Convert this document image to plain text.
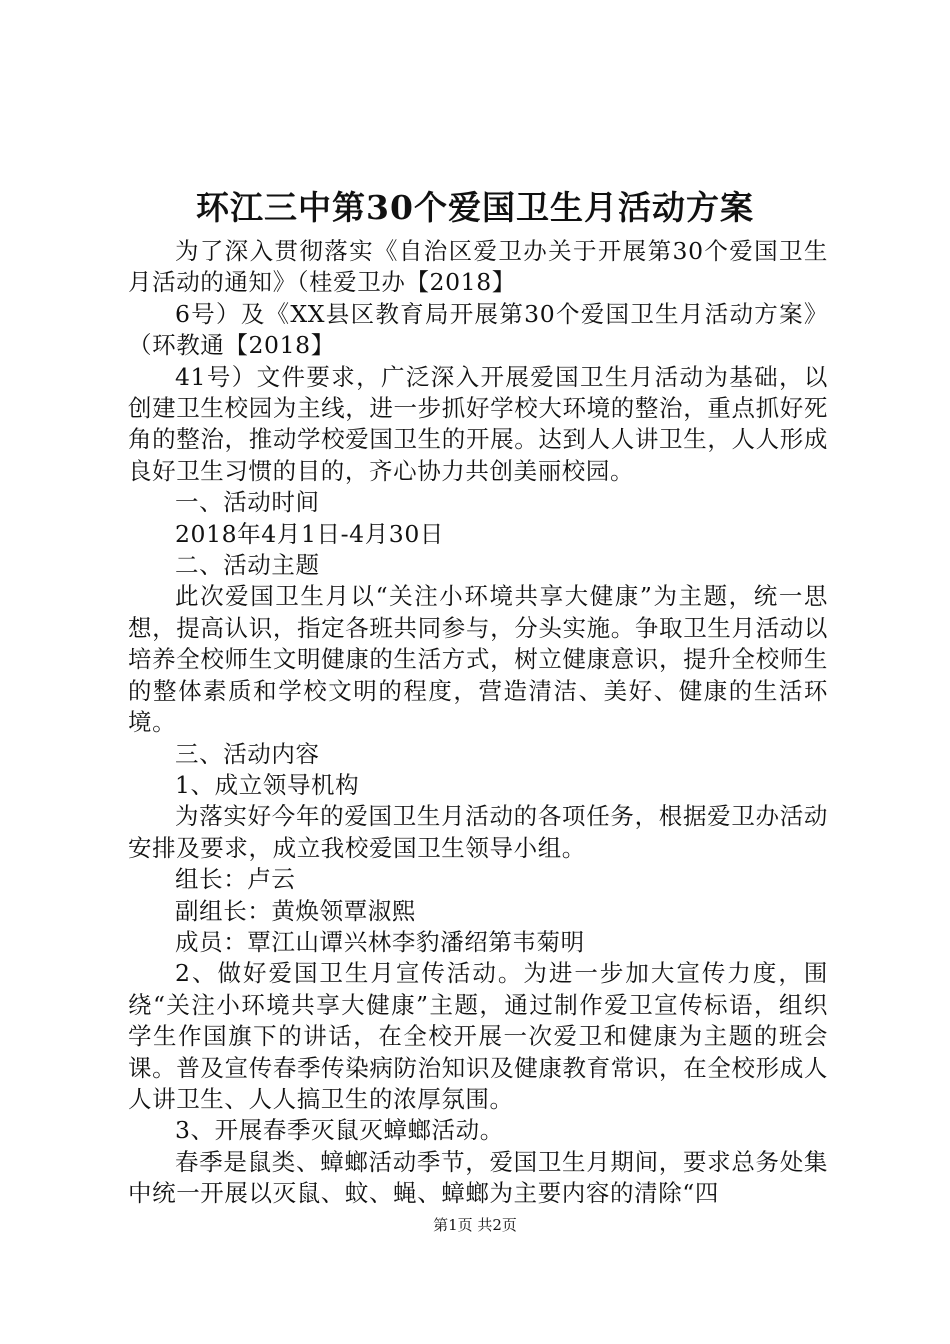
环江三中第30个爱国卫生月活动方案

为了深入贯彻落实《自治区爱卫办关于开展第30个爱国卫生月活动的通知》（桂爱卫办【2018】

6号）及《XX县区教育局开展第30个爱国卫生月活动方案》（环教通【2018】

41号）文件要求，广泛深入开展爱国卫生月活动为基础，以创建卫生校园为主线，进一步抓好学校大环境的整治，重点抓好死角的整治，推动学校爱国卫生的开展。达到人人讲卫生，人人形成良好卫生习惯的目的，齐心协力共创美丽校园。

一、活动时间

2018年4月1日-4月30日

二、活动主题

此次爱国卫生月以“关注小环境共享大健康”为主题，统一思想，提高认识，指定各班共同参与，分头实施。争取卫生月活动以培养全校师生文明健康的生活方式，树立健康意识，提升全校师生的整体素质和学校文明的程度，营造清洁、美好、健康的生活环境。

三、活动内容

1、成立领导机构

为落实好今年的爱国卫生月活动的各项任务，根据爱卫办活动安排及要求，成立我校爱国卫生领导小组。

组长：卢云

副组长：黄焕领覃淑熙

成员：覃江山谭兴林李豹潘绍第韦菊明

2、做好爱国卫生月宣传活动。为进一步加大宣传力度，围绕“关注小环境共享大健康”主题，通过制作爱卫宣传标语，组织学生作国旗下的讲话，在全校开展一次爱卫和健康为主题的班会课。普及宣传春季传染病防治知识及健康教育常识，在全校形成人人讲卫生、人人搞卫生的浓厚氛围。

3、开展春季灭鼠灭蟑螂活动。

春季是鼠类、蟑螂活动季节，爱国卫生月期间，要求总务处集中统一开展以灭鼠、蚊、蝇、蟑螂为主要内容的清除“四

第1页 共2页
